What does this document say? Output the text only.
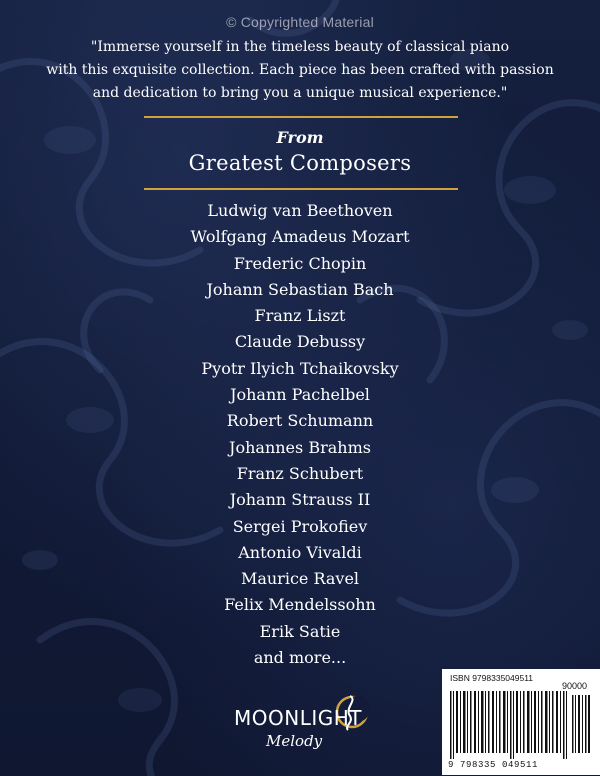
© Copyrighted Material
"Immerse yourself in the timeless beauty of classical piano
with this exquisite collection. Each piece has been crafted with passion
and dedication to bring you a unique musical experience."
From
Greatest Composers
Ludwig van Beethoven
Wolfgang Amadeus Mozart
Frederic Chopin
Johann Sebastian Bach
Franz Liszt
Claude Debussy
Pyotr Ilyich Tchaikovsky
Johann Pachelbel
Robert Schumann
Johannes Brahms
Franz Schubert
Johann Strauss II
Sergei Prokofiev
Antonio Vivaldi
Maurice Ravel
Felix Mendelssohn
Erik Satie
and more...
MOONLIGHT
Melody
ISBN 9798335049511
90000
9 798335 049511
